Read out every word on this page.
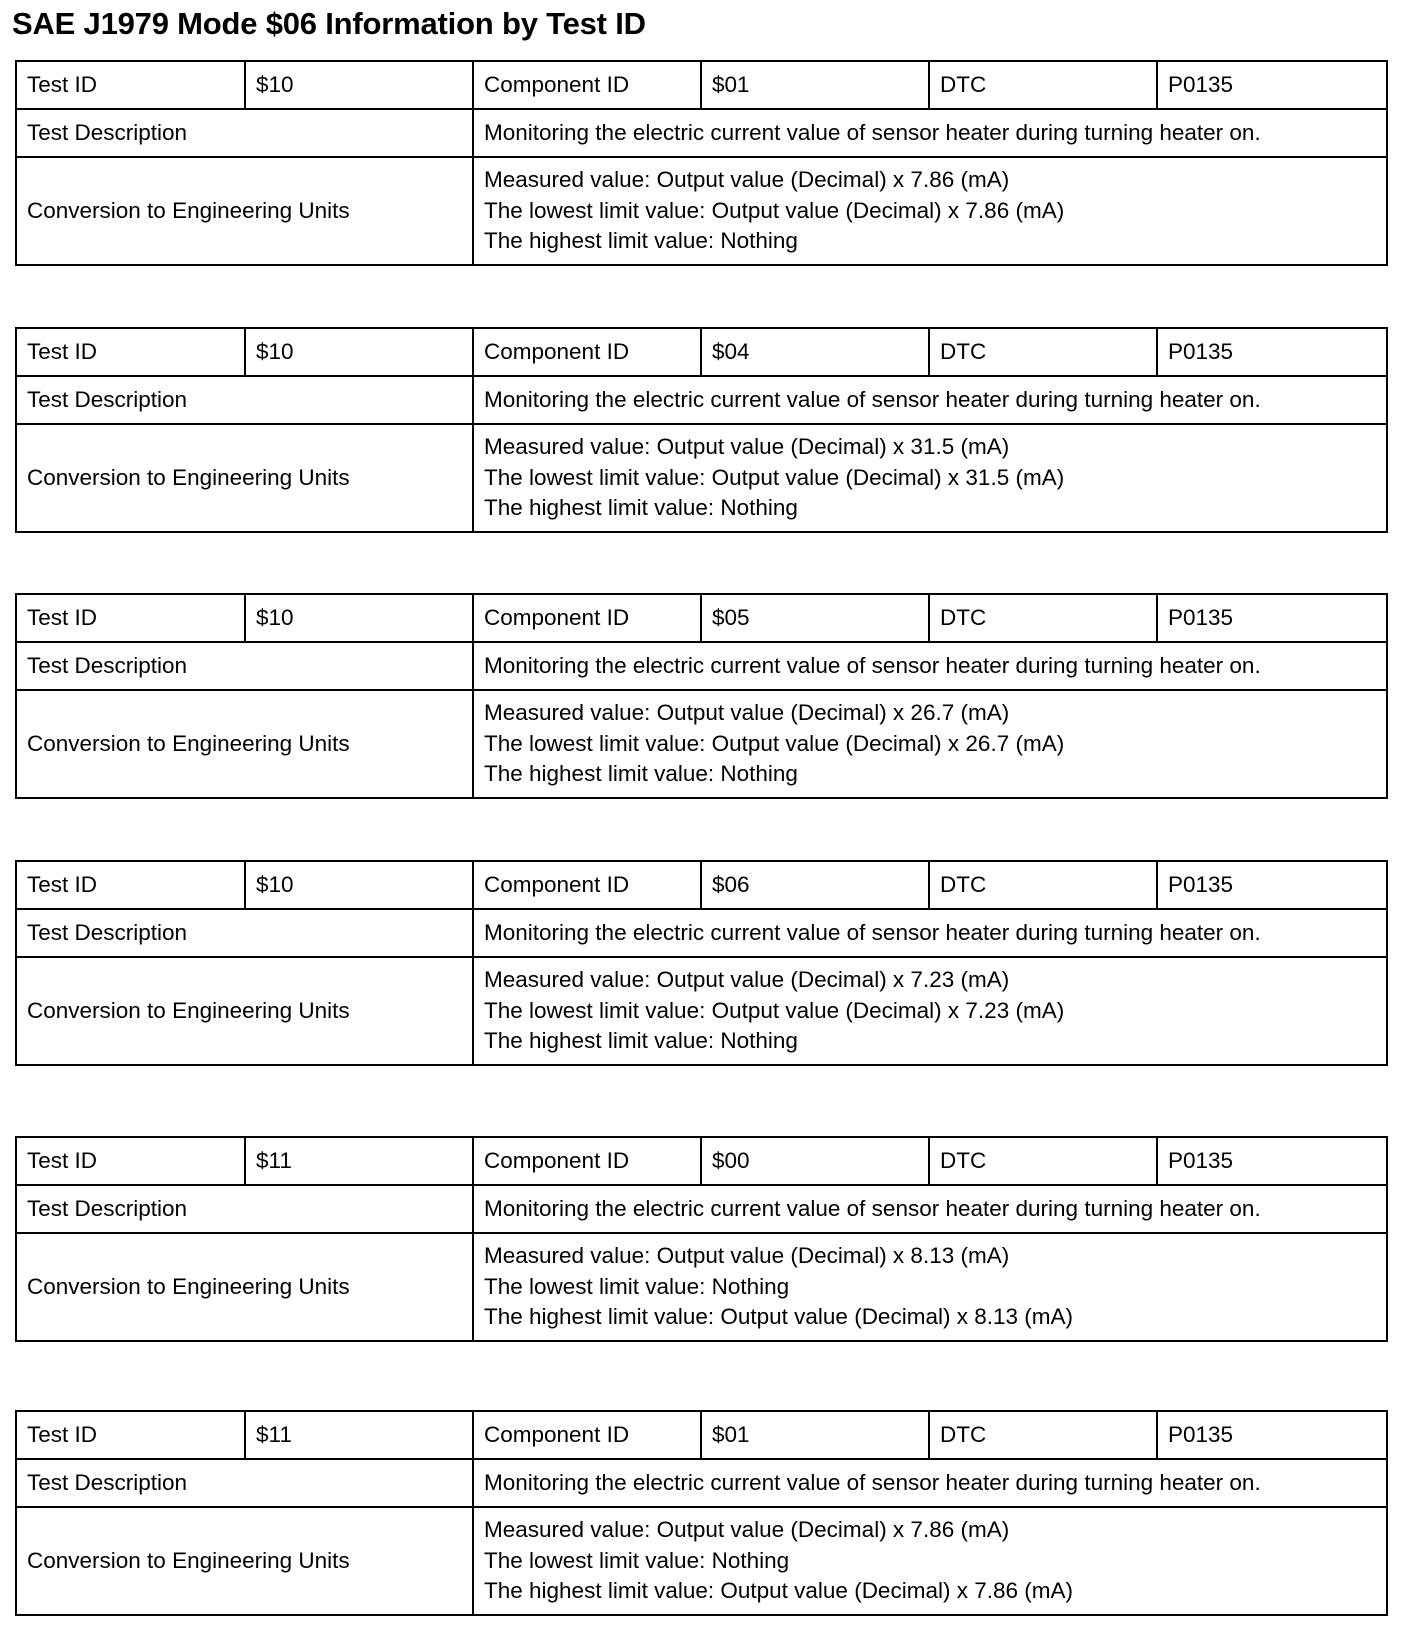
SAE J1979 Mode $06 Information by Test ID
Test ID	$10	Component ID	$01	DTC	P0135
Test Description		Monitoring the electric current value of sensor heater during turning heater on.			
Conversion to Engineering Units		Measured value: Output value (Decimal) x 7.86 (mA)
The lowest limit value: Output value (Decimal) x 7.86 (mA)
The highest limit value: Nothing			
Test ID	$10	Component ID	$04	DTC	P0135
Test Description		Monitoring the electric current value of sensor heater during turning heater on.			
Conversion to Engineering Units		Measured value: Output value (Decimal) x 31.5 (mA)
The lowest limit value: Output value (Decimal) x 31.5 (mA)
The highest limit value: Nothing			
Test ID	$10	Component ID	$05	DTC	P0135
Test Description		Monitoring the electric current value of sensor heater during turning heater on.			
Conversion to Engineering Units		Measured value: Output value (Decimal) x 26.7 (mA)
The lowest limit value: Output value (Decimal) x 26.7 (mA)
The highest limit value: Nothing			
Test ID	$10	Component ID	$06	DTC	P0135
Test Description		Monitoring the electric current value of sensor heater during turning heater on.			
Conversion to Engineering Units		Measured value: Output value (Decimal) x 7.23 (mA)
The lowest limit value: Output value (Decimal) x 7.23 (mA)
The highest limit value: Nothing			
Test ID	$11	Component ID	$00	DTC	P0135
Test Description		Monitoring the electric current value of sensor heater during turning heater on.			
Conversion to Engineering Units		Measured value: Output value (Decimal) x 8.13 (mA)
The lowest limit value: Nothing
The highest limit value: Output value (Decimal) x 8.13 (mA)			
Test ID	$11	Component ID	$01	DTC	P0135
Test Description		Monitoring the electric current value of sensor heater during turning heater on.			
Conversion to Engineering Units		Measured value: Output value (Decimal) x 7.86 (mA)
The lowest limit value: Nothing
The highest limit value: Output value (Decimal) x 7.86 (mA)			
